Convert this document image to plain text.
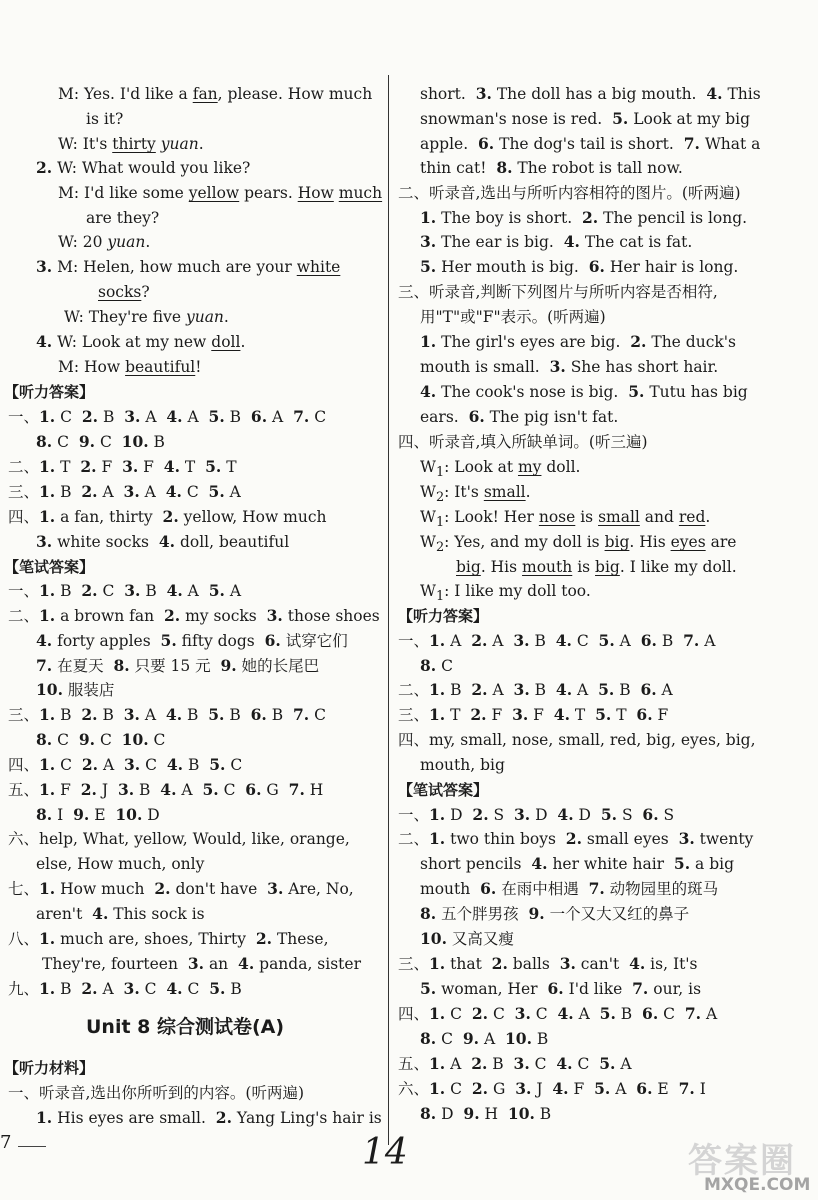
M: Yes. I'd like a fan, please. How much
is it?
W: It's thirty yuan.
2. W: What would you like?
M: I'd like some yellow pears. How much
are they?
W: 20 yuan.
3. M: Helen, how much are your white
socks?
W: They're five yuan.
4. W: Look at my new doll.
M: How beautiful!
【听力答案】
一、1. C  2. B  3. A  4. A  5. B  6. A  7. C
8. C  9. C  10. B
二、1. T  2. F  3. F  4. T  5. T
三、1. B  2. A  3. A  4. C  5. A
四、1. a fan, thirty  2. yellow, How much
3. white socks  4. doll, beautiful
【笔试答案】
一、1. B  2. C  3. B  4. A  5. A
二、1. a brown fan  2. my socks  3. those shoes
4. forty apples  5. fifty dogs  6. 试穿它们
7. 在夏天  8. 只要 15 元  9. 她的长尾巴
10. 服装店
三、1. B  2. B  3. A  4. B  5. B  6. B  7. C
8. C  9. C  10. C
四、1. C  2. A  3. C  4. B  5. C
五、1. F  2. J  3. B  4. A  5. C  6. G  7. H
8. I  9. E  10. D
六、help, What, yellow, Would, like, orange,
else, How much, only
七、1. How much  2. don't have  3. Are, No,
aren't  4. This sock is
八、1. much are, shoes, Thirty  2. These,
They're, fourteen  3. an  4. panda, sister
九、1. B  2. A  3. C  4. C  5. B
Unit 8 综合测试卷(A)
【听力材料】
一、听录音,选出你所听到的内容。(听两遍)
1. His eyes are small.  2. Yang Ling's hair is
short.  3. The doll has a big mouth.  4. This
snowman's nose is red.  5. Look at my big
apple.  6. The dog's tail is short.  7. What a
thin cat!  8. The robot is tall now.
二、听录音,选出与所听内容相符的图片。(听两遍)
1. The boy is short.  2. The pencil is long.
3. The ear is big.  4. The cat is fat.
5. Her mouth is big.  6. Her hair is long.
三、听录音,判断下列图片与所听内容是否相符,
用"T"或"F"表示。(听两遍)
1. The girl's eyes are big.  2. The duck's
mouth is small.  3. She has short hair.
4. The cook's nose is big.  5. Tutu has big
ears.  6. The pig isn't fat.
四、听录音,填入所缺单词。(听三遍)
$W_1$: Look at my doll.
$W_2$: It's small.
$W_1$: Look! Her nose is small and red.
$W_2$: Yes, and my doll is big. His eyes are
big. His mouth is big. I like my doll.
$W_1$: I like my doll too.
【听力答案】
一、1. A  2. A  3. B  4. C  5. A  6. B  7. A
8. C
二、1. B  2. A  3. B  4. A  5. B  6. A
三、1. T  2. F  3. F  4. T  5. T  6. F
四、my, small, nose, small, red, big, eyes, big,
mouth, big
【笔试答案】
一、1. D  2. S  3. D  4. D  5. S  6. S
二、1. two thin boys  2. small eyes  3. twenty
short pencils  4. her white hair  5. a big
mouth  6. 在雨中相遇  7. 动物园里的斑马
8. 五个胖男孩  9. 一个又大又红的鼻子
10. 又高又瘦
三、1. that  2. balls  3. can't  4. is, It's
5. woman, Her  6. I'd like  7. our, is
四、1. C  2. C  3. C  4. A  5. B  6. C  7. A
8. C  9. A  10. B
五、1. A  2. B  3. C  4. C  5. A
六、1. C  2. G  3. J  4. F  5. A  6. E  7. I
8. D  9. H  10. B
7	14	答案圈
MXQE.COM
